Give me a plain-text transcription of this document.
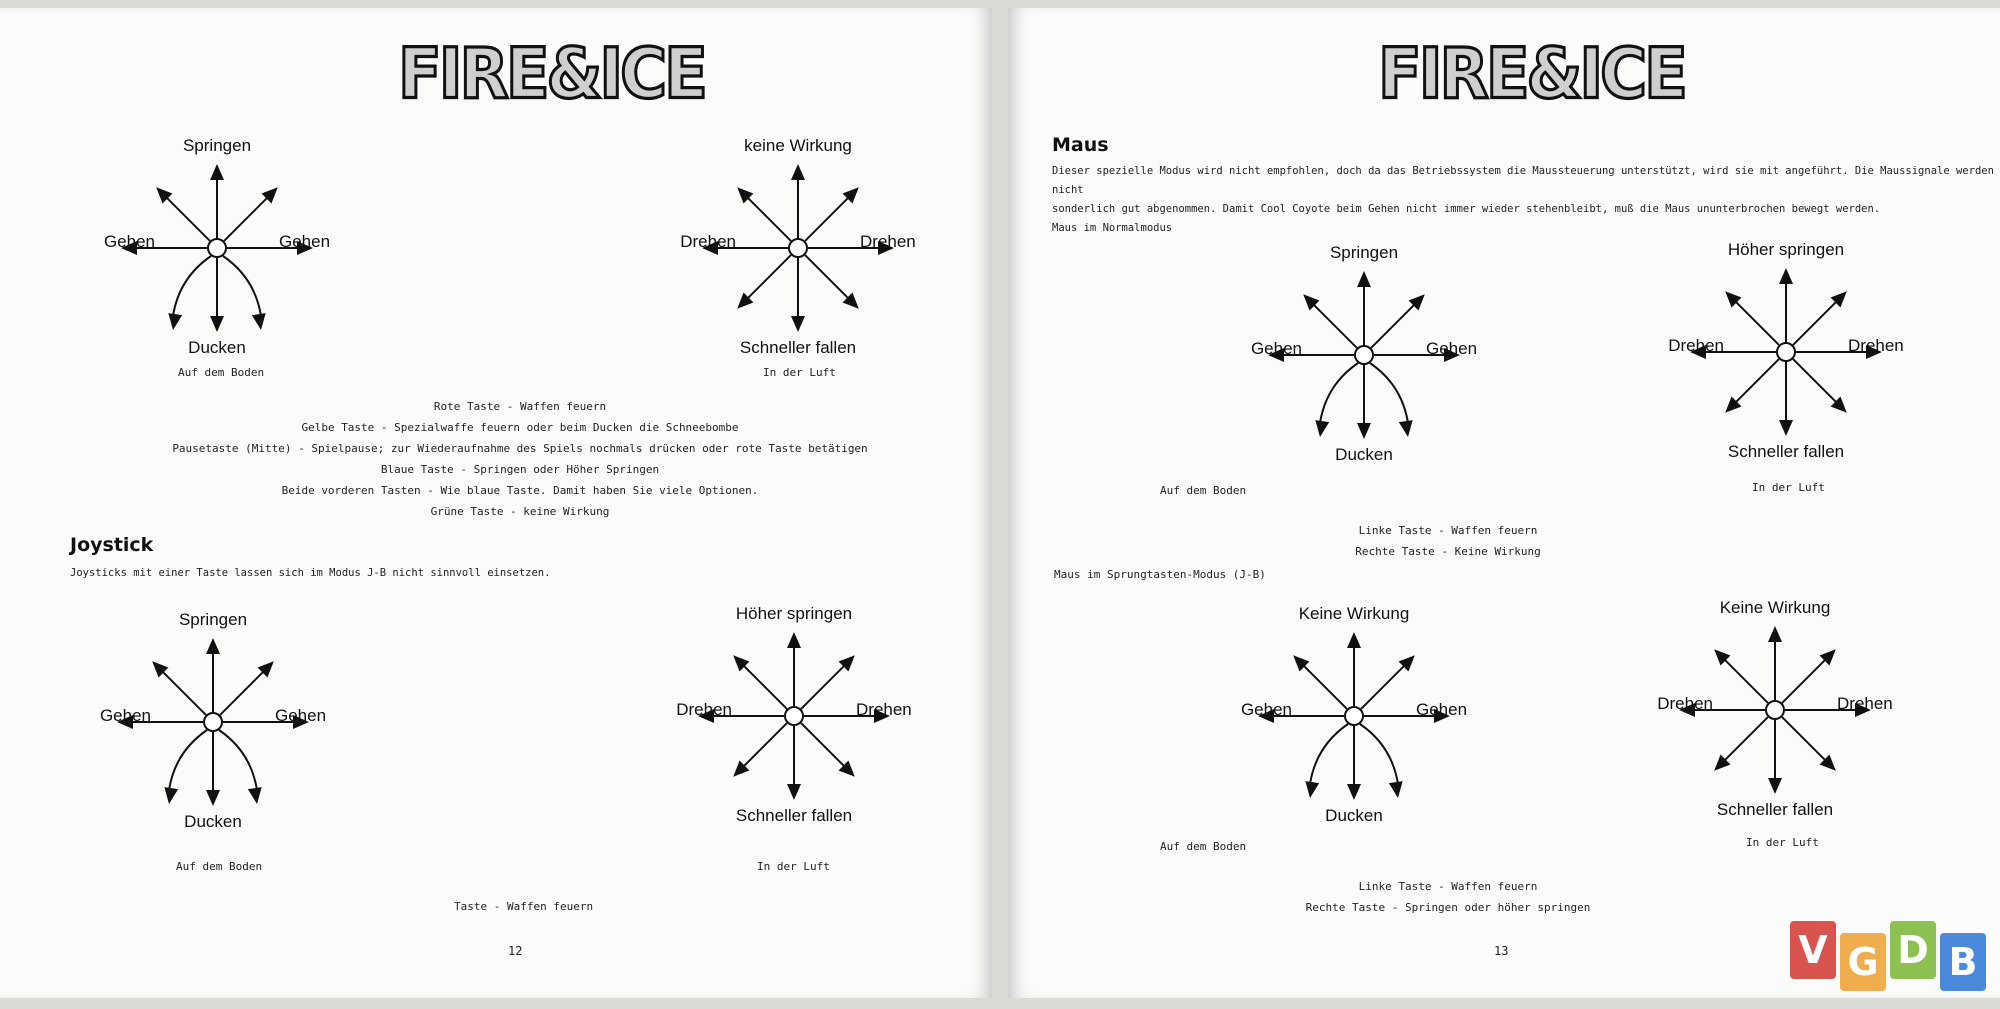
FIRE&ICE
Springen
Gehen	Gehen
Ducken
Auf dem Boden
keine Wirkung
Drehen	Drehen
Schneller fallen
In der Luft
Rote Taste - Waffen feuern
Gelbe Taste - Spezialwaffe feuern oder beim Ducken die Schneebombe
Pausetaste (Mitte) - Spielpause; zur Wiederaufnahme des Spiels nochmals drücken oder rote Taste betätigen
Blaue Taste - Springen oder Höher Springen
Beide vorderen Tasten - Wie blaue Taste. Damit haben Sie viele Optionen.
Grüne Taste - keine Wirkung
Joystick
Joysticks mit einer Taste lassen sich im Modus J-B nicht sinnvoll einsetzen.
Springen
Gehen	Gehen
Ducken
Auf dem Boden
Höher springen
Drehen	Drehen
Schneller fallen
In der Luft
Taste - Waffen feuern
12
FIRE&ICE
Maus
Dieser spezielle Modus wird nicht empfohlen, doch da das Betriebssystem die Maussteuerung unterstützt, wird sie mit angeführt. Die Maussignale werden nicht
sonderlich gut abgenommen. Damit Cool Coyote beim Gehen nicht immer wieder stehenbleibt, muß die Maus ununterbrochen bewegt werden.
Maus im Normalmodus
Springen
Gehen	Gehen
Ducken
Auf dem Boden
Höher springen
Drehen	Drehen
Schneller fallen
In der Luft
Linke Taste - Waffen feuern
Rechte Taste - Keine Wirkung
Maus im Sprungtasten-Modus (J-B)
Keine Wirkung
Gehen	Gehen
Ducken
Auf dem Boden
Keine Wirkung
Drehen	Drehen
Schneller fallen
In der Luft
Linke Taste - Waffen feuern
Rechte Taste - Springen oder höher springen
13	V G D B
